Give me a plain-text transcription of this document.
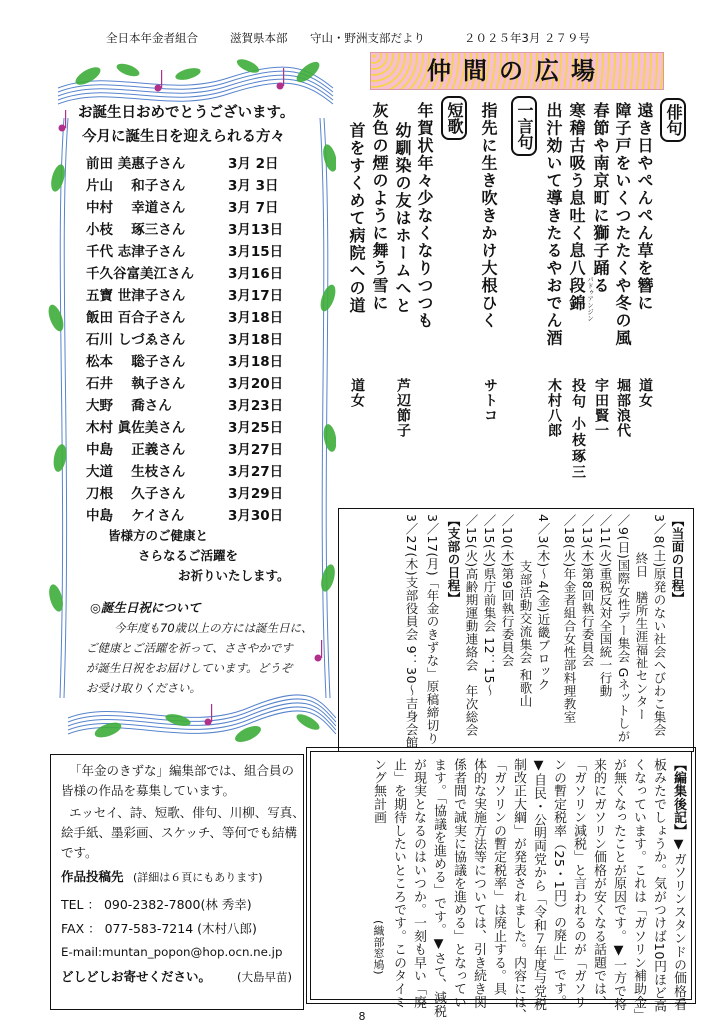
全日本年金者組合

	滋賀県本部

守山・野洲支部だより

	２０２５年3月 ２７９号

仲間の広場
俳句
遠き日やぺんぺん草を簪に
道女
障子戸をいくつたたくや冬の風
堀部浪代
春節や南京町に獅子踊る
宇田賢一
寒稽古吸う息吐く息八段錦 パドゥアンジン
投句 小枝琢三
出汁効いて導きたるやおでん酒
木村八郎
一言句
指先に生き吹きかけ大根ひく
サトコ
短歌
年賀状年々少なくなりつつも
幼馴染の友はホームへと
芦辺節子
灰色の煙のように舞う雪に
首をすくめて病院への道
道女
お誕生日おめでとうございます。
今月に誕生日を迎えられる方々
前田 美惠子さん	3月 2日
片山　 和子さん	3月 3日
中村　 幸道さん	3月 7日
小枝　 琢三さん	3月13日
千代 志津子さん	3月15日
千久谷富美江さん	3月16日
五寶 世津子さん	3月17日
飯田 百合子さん	3月18日
石川 しづゑさん	3月18日
松本　 聡子さん	3月18日
石井　 執子さん	3月20日
大野　 喬さん	3月23日
木村 眞佐美さん	3月25日
中島　 正義さん	3月27日
大道　 生枝さん	3月27日
刀根　 久子さん	3月29日
中島　 ケイさん	3月30日
皆様方のご健康と
さらなるご活躍を
お祈りいたします。
◎誕生日祝について
今年度も70歳以上の方には誕生日に、
ご健康とご活躍を祈って、ささやかです
が誕生日祝をお届けしています。どうぞ
お受け取りください。
【当面の日程】
3／8(土)原発のない社会へびわこ集会
終日　膳所生涯福祉センター
／9(日)国際女性デー集会 Gネットしが
／11(火)重税反対全国統一行動
／13(木)第8回執行委員会
／18(火)年金者組合女性部料理教室
4／3(木)～4(金)近畿ブロック
支部活動交流集会 和歌山
／10(木)第9回執行委員会
／15(火)県庁前集会 12：15～
／15(火)高齢期運動連絡会　年次総会
【支部の日程】
3／17(月)「年金のきずな」原稿締切り
3／27(木)支部役員会 9：30～吉身会館
「年金のきずな」編集部では、組合員の
皆様の作品を募集しています。
エッセイ、詩、短歌、俳句、川柳、写真、
絵手紙、墨彩画、スケッチ、等何でも結構
です。
作品投稿先 (詳細は６頁にもあります)
TEL ： 090-2382-7800(林 秀幸)
FAX ： 077-583-7214 (木村八郎)
E-mail:muntan_popon@hop.ocn.ne.jp
どしどしお寄せください。 (大島早苗)
【編集後記】▼ガソリンスタンドの価格看
板みたでしょうか。気がつけば10円ほど高
くなっています。これは「ガソリン補助金」
が無くなったことが原因です。▼一方で将
来的にガソリン価格が安くなる話題では、
「ガソリン減税」と言われるのが「ガソリ
ンの暫定税率（25・1円）の廃止」です。
▼自民・公明両党から「令和７年度与党税
制改正大綱」が発表されました。内容には、
「ガソリンの暫定税率」は廃止する。具
体的な実施方法等については、引き続き関
係者間で誠実に協議を進める」となってい
ます。「協議を進める」です。▼さて、減税
が現実となるのはいつか。一刻も早い「廃
止」を期待したいところです。このタイミ
ング無計画
(織部窓鳩)
8
